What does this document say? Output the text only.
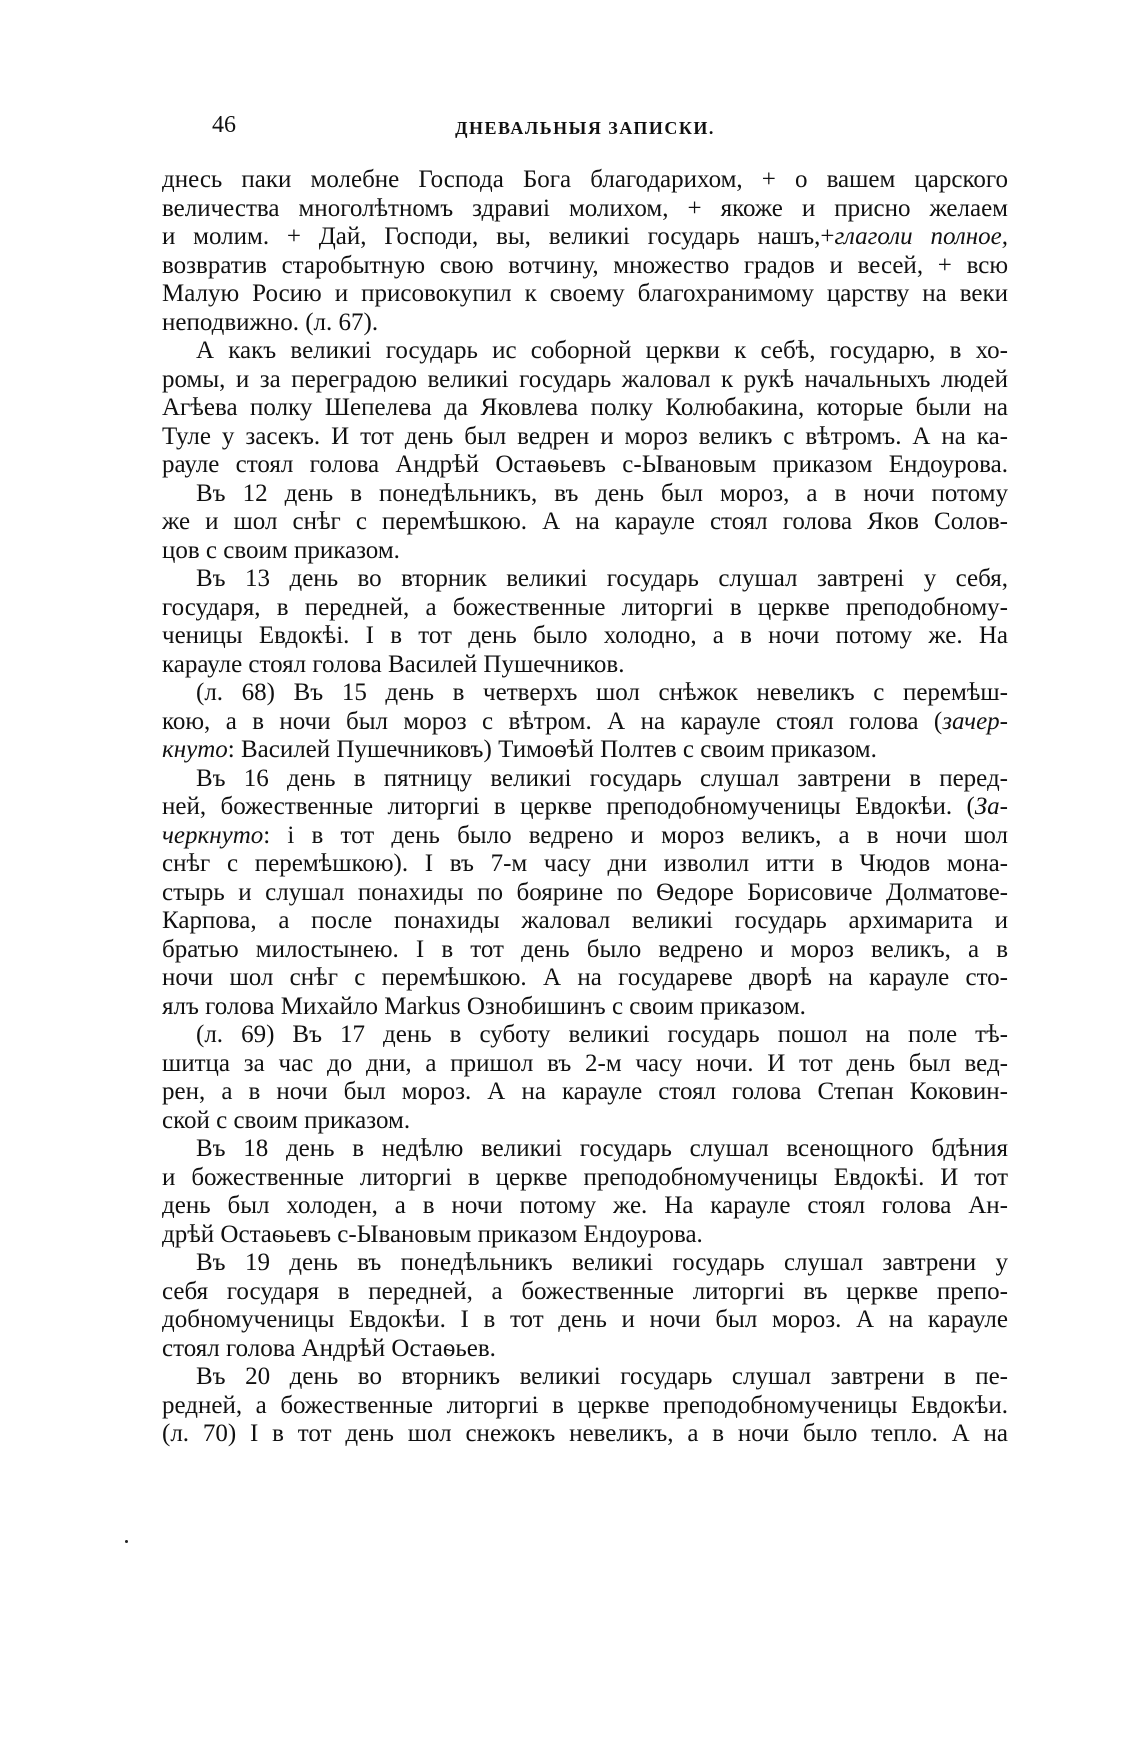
46	ДНЕВАЛЬНЫЯ ЗАПИСКИ.
днесь паки молебне Господа Бога благодарихом, + о вашем царского
величества многолѣтномъ здравиі молихом, + якоже и присно желаем
и молим. + Дай, Господи, вы, великиі государь нашъ,+глаголи полное,
возвратив старобытную свою вотчину, множество градов и весей, + всю
Малую Росию и присовокупил к своему благохранимому царству на веки
неподвижно. (л. 67).
А какъ великиі государь ис соборной церкви к себѣ, государю, в хо-
ромы, и за переградою великиі государь жаловал к рукѣ начальныхъ людей
Агѣева полку Шепелева да Яковлева полку Колюбакина, которые были на
Туле у засекъ. И тот день был ведрен и мороз великъ с вѣтромъ. А на ка-
рауле стоял голова Андрѣй Остаѳьевъ с-Ывановым приказом Ендоурова.
Въ 12 день в понедѣльникъ, въ день был мороз, а в ночи потому
же и шол снѣг с перемѣшкою. А на карауле стоял голова Яков Солов-
цов с своим приказом.
Въ 13 день во вторник великиі государь слушал завтрені у себя,
государя, в передней, а божественные литоргиі в церкве преподобному-
ченицы Евдокѣі. І в тот день было холодно, а в ночи потому же. На
карауле стоял голова Василей Пушечников.
(л. 68) Въ 15 день в четверхъ шол снѣжок невеликъ с перемѣш-
кою, а в ночи был мороз с вѣтром. А на карауле стоял голова (зачер-
кнуто: Василей Пушечниковъ) Тимоѳѣй Полтев с своим приказом.
Въ 16 день в пятницу великиі государь слушал завтрени в перед-
ней, божественные литоргиі в церкве преподобномученицы Евдокѣи. (За-
черкнуто: і в тот день было ведрено и мороз великъ, а в ночи шол
снѣг с перемѣшкою). І въ 7-м часу дни изволил итти в Чюдов мона-
стырь и слушал понахиды по боярине по Ѳедоре Борисовиче Долматове-
Карпова, а после понахиды жаловал великиі государь архимарита и
братью милостынею. І в тот день было ведрено и мороз великъ, а в
ночи шол снѣг с перемѣшкою. А на государеве дворѣ на карауле сто-
ялъ голова Михайло Markus Ознобишинъ с своим приказом.
(л. 69) Въ 17 день в суботу великиі государь пошол на поле тѣ-
шитца за час до дни, а пришол въ 2-м часу ночи. И тот день был вед-
рен, а в ночи был мороз. А на карауле стоял голова Степан Коковин-
ской с своим приказом.
Въ 18 день в недѣлю великиі государь слушал всенощного бдѣния
и божественные литоргиі в церкве преподобномученицы Евдокѣі. И тот
день был холоден, а в ночи потому же. На карауле стоял голова Ан-
дрѣй Остаѳьевъ с-Ывановым приказом Ендоурова.
Въ 19 день въ понедѣльникъ великиі государь слушал завтрени у
себя государя в передней, а божественные литоргиі въ церкве препо-
добномученицы Евдокѣи. І в тот день и ночи был мороз. А на карауле
стоял голова Андрѣй Остаѳьев.
Въ 20 день во вторникъ великиі государь слушал завтрени в пе-
редней, а божественные литоргиі в церкве преподобномученицы Евдокѣи.
(л. 70) І в тот день шол снежокъ невеликъ, а в ночи было тепло. А на
